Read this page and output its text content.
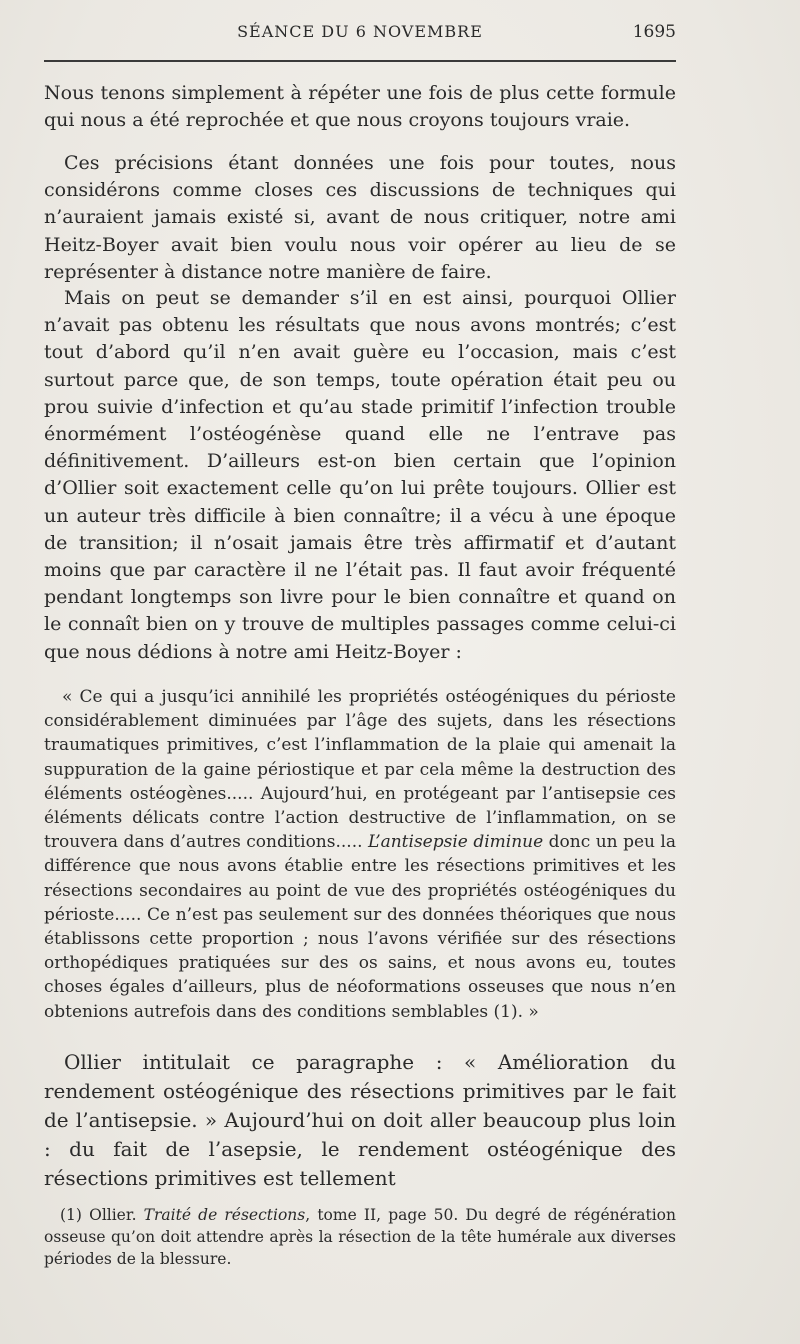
SÉANCE DU 6 NOVEMBRE	1695

Nous tenons simplement à répéter une fois de plus cette formule qui nous a été reprochée et que nous croyons toujours vraie.

Ces précisions étant données une fois pour toutes, nous considérons comme closes ces discussions de techniques qui n’auraient jamais existé si, avant de nous critiquer, notre ami Heitz-Boyer avait bien voulu nous voir opérer au lieu de se représenter à distance notre manière de faire.

Mais on peut se demander s’il en est ainsi, pourquoi Ollier n’avait pas obtenu les résultats que nous avons montrés; c’est tout d’abord qu’il n’en avait guère eu l’occasion, mais c’est surtout parce que, de son temps, toute opération était peu ou prou suivie d’infection et qu’au stade primitif l’infection trouble énormément l’ostéogénèse quand elle ne l’entrave pas définitivement. D’ailleurs est-on bien certain que l’opinion d’Ollier soit exactement celle qu’on lui prête toujours. Ollier est un auteur très difficile à bien connaître; il a vécu à une époque de transition; il n’osait jamais être très affirmatif et d’autant moins que par caractère il ne l’était pas. Il faut avoir fréquenté pendant longtemps son livre pour le bien connaître et quand on le connaît bien on y trouve de multiples passages comme celui-ci que nous dédions à notre ami Heitz-Boyer :

« Ce qui a jusqu’ici annihilé les propriétés ostéogéniques du périoste considérablement diminuées par l’âge des sujets, dans les résections traumatiques primitives, c’est l’inflammation de la plaie qui amenait la suppuration de la gaine périostique et par cela même la destruction des éléments ostéogènes..... Aujourd’hui, en protégeant par l’antisepsie ces éléments délicats contre l’action destructive de l’inflammation, on se trouvera dans d’autres conditions..... L’antisepsie diminue donc un peu la différence que nous avons établie entre les résections primitives et les résections secondaires au point de vue des propriétés ostéogéniques du périoste..... Ce n’est pas seulement sur des données théoriques que nous établissons cette proportion ; nous l’avons vérifiée sur des résections orthopédiques pratiquées sur des os sains, et nous avons eu, toutes choses égales d’ailleurs, plus de néoformations osseuses que nous n’en obtenions autrefois dans des conditions semblables (1). »

Ollier intitulait ce paragraphe : « Amélioration du rendement ostéogénique des résections primitives par le fait de l’antisepsie. » Aujourd’hui on doit aller beaucoup plus loin : du fait de l’asepsie, le rendement ostéogénique des résections primitives est tellement

(1) Ollier. Traité de résections, tome II, page 50. Du degré de régénération osseuse qu’on doit attendre après la résection de la tête humérale aux diverses périodes de la blessure.
